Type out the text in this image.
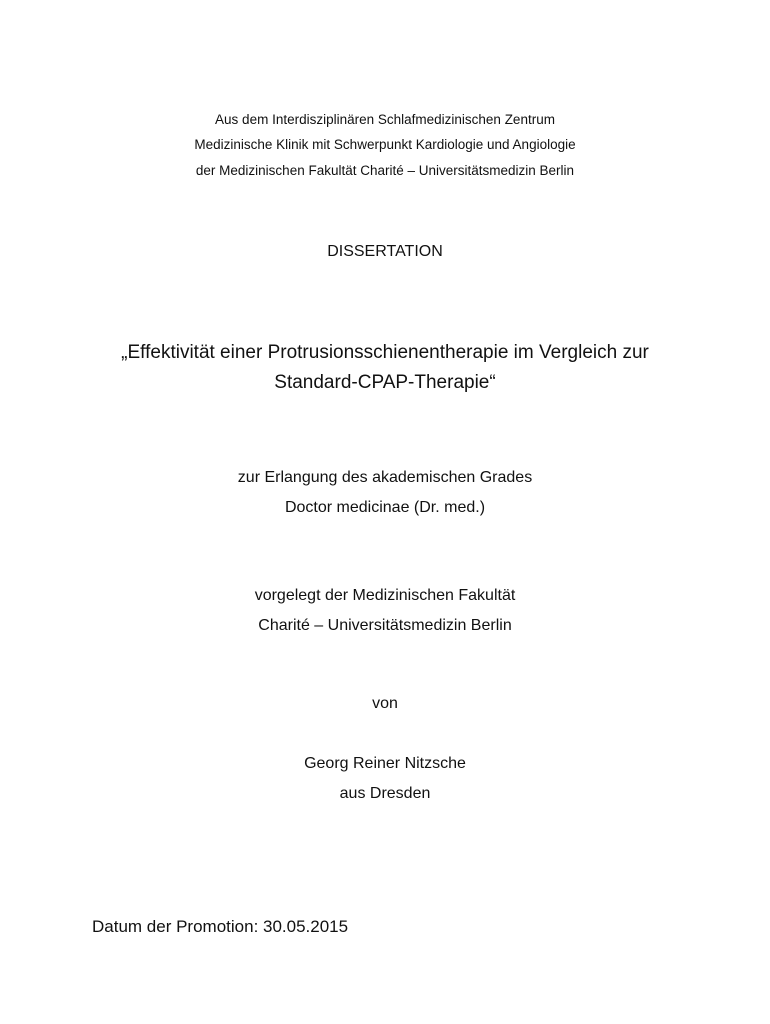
Aus dem Interdisziplinären Schlafmedizinischen Zentrum
Medizinische Klinik mit Schwerpunkt Kardiologie und Angiologie
der Medizinischen Fakultät Charité – Universitätsmedizin Berlin
DISSERTATION
„Effektivität einer Protrusionsschienentherapie im Vergleich zur
Standard-CPAP-Therapie“
zur Erlangung des akademischen Grades
Doctor medicinae (Dr. med.)
vorgelegt der Medizinischen Fakultät
Charité – Universitätsmedizin Berlin
von
Georg Reiner Nitzsche
aus Dresden
Datum der Promotion: 30.05.2015
